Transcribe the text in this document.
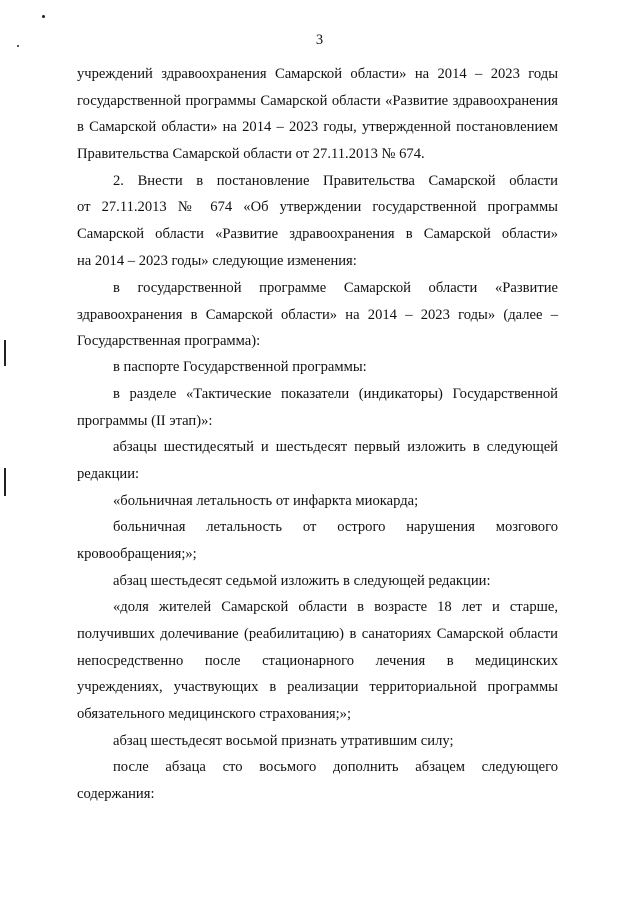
3
учреждений здравоохранения Самарской области» на 2014 – 2023 годы
государственной программы Самарской области «Развитие здравоохранения
в Самарской области» на 2014 – 2023 годы, утвержденной постановлением
Правительства Самарской области от 27.11.2013 № 674.
2. Внести в постановление Правительства Самарской области
от 27.11.2013 № 674 «Об утверждении государственной программы
Самарской области «Развитие здравоохранения в Самарской области»
на 2014 – 2023 годы» следующие изменения:
в государственной программе Самарской области «Развитие
здравоохранения в Самарской области» на 2014 – 2023 годы» (далее –
Государственная программа):
в паспорте Государственной программы:
в разделе «Тактические показатели (индикаторы) Государственной
программы (II этап)»:
абзацы шестидесятый и шестьдесят первый изложить в следующей
редакции:
«больничная летальность от инфаркта миокарда;
больничная летальность от острого нарушения мозгового
кровообращения;»;
абзац шестьдесят седьмой изложить в следующей редакции:
«доля жителей Самарской области в возрасте 18 лет и старше,
получивших долечивание (реабилитацию) в санаториях Самарской области
непосредственно после стационарного лечения в медицинских
учреждениях, участвующих в реализации территориальной программы
обязательного медицинского страхования;»;
абзац шестьдесят восьмой признать утратившим силу;
после абзаца сто восьмого дополнить абзацем следующего
содержания:
